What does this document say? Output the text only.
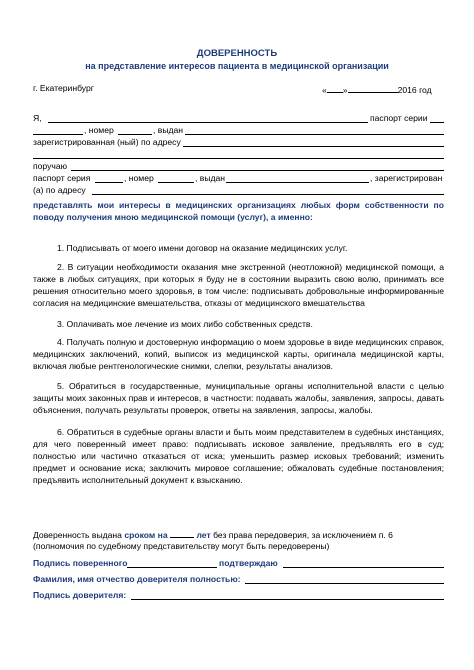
ДОВЕРЕННОСТЬ
на представление интересов пациента в медицинской организации
г. Екатеринбург	« »	2016 год
Я,	паспорт серии
, номер	, выдан
зарегистрированная (ный) по адресу
поручаю
паспорт серия	, номер	, выдан	, зарегистрирован
(а) по адресу
представлять мои интересы в медицинских организациях любых форм собственности по поводу получения мною медицинской помощи (услуг), а именно:
1. Подписывать от моего имени договор на оказание медицинских услуг.
2. В ситуации необходимости оказания мне экстренной (неотложной) медицинской помощи, а также в любых ситуациях, при которых я буду не в состоянии выразить свою волю, принимать все решения относительно моего здоровья, в том числе: подписывать добровольные информированные согласия на медицинские вмешательства, отказы от медицинского вмешательства
3. Оплачивать мое лечение из моих либо собственных средств.
4. Получать полную и достоверную информацию о моем здоровье в виде медицинских справок, медицинских заключений, копий, выписок из медицинской карты, оригинала медицинской карты, включая любые рентгенологические снимки, слепки, результаты анализов.
5. Обратиться в государственные, муниципальные органы исполнительной власти с целью защиты моих законных прав и интересов, в частности: подавать жалобы, заявления, запросы, давать объяснения, получать результаты проверок, ответы на заявления, запросы, жалобы.
6. Обратиться в судебные органы власти и быть моим представителем в судебных инстанциях, для чего поверенный имеет право: подписывать исковое заявление, предъявлять его в суд; полностью или частично отказаться от иска; уменьшить размер исковых требований; изменить предмет и основание иска; заключить мировое соглашение; обжаловать судебные постановления; предъявить исполнительный документ к взысканию.
Доверенность выдана сроком на	лет без права передоверия, за исключением п. 6
(полномочия по судебному представительству могут быть передоверены)
Подпись поверенного	подтверждаю
Фамилия, имя отчество доверителя полностью:
Подпись доверителя:
